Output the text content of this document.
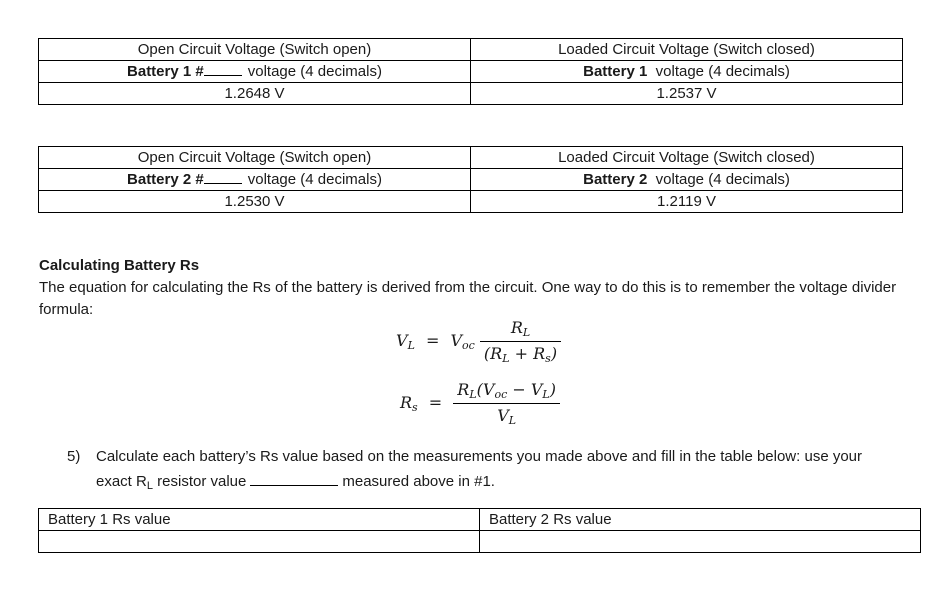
Open Circuit Voltage (Switch open)	Loaded Circuit Voltage (Switch closed)
Battery 1 # voltage (4 decimals)	Battery 1 voltage (4 decimals)
1.2648 V	1.2537 V
Open Circuit Voltage (Switch open)	Loaded Circuit Voltage (Switch closed)
Battery 2 # voltage (4 decimals)	Battery 2 voltage (4 decimals)
1.2530 V	1.2119 V
Calculating Battery Rs
The equation for calculating the Rs of the battery is derived from the circuit. One way to do this is to remember the voltage divider formula:
$V_L = V_{oc} \frac{R_L}{(R_L + R_s)}$
$R_s = \frac{R_L(V_{oc} - V_L)}{V_L}$
5) Calculate each battery’s Rs value based on the measurements you made above and fill in the table below: use your exact $R_L$ resistor value	measured above in #1.
Battery 1 Rs value	Battery 2 Rs value
